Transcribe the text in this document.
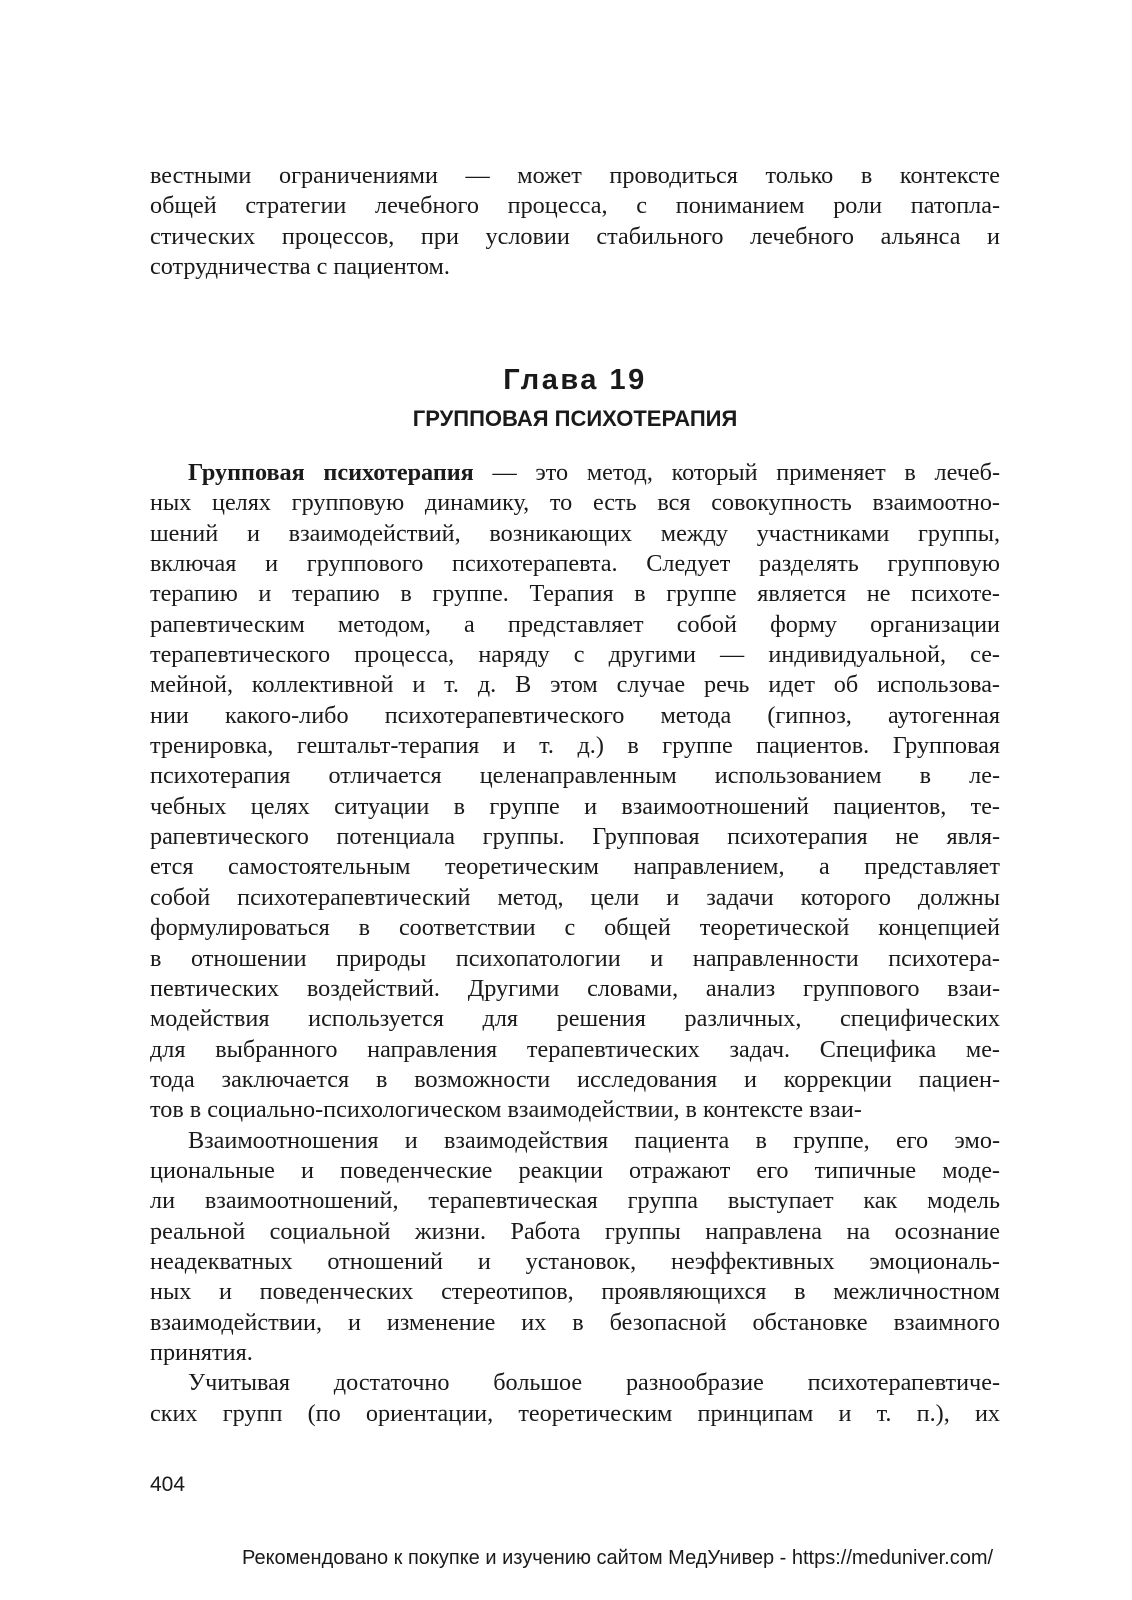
вестными ограничениями — может проводиться только в контексте
общей стратегии лечебного процесса, с пониманием роли патопла-
стических процессов, при условии стабильного лечебного альянса и
сотрудничества с пациентом.
Глава 19
ГРУППОВАЯ ПСИХОТЕРАПИЯ
Групповая психотерапия — это метод, который применяет в лечеб-
ных целях групповую динамику, то есть вся совокупность взаимоотно-
шений и взаимодействий, возникающих между участниками группы,
включая и группового психотерапевта. Следует разделять групповую
терапию и терапию в группе. Терапия в группе является не психоте-
рапевтическим методом, а представляет собой форму организации
терапевтического процесса, наряду с другими — индивидуальной, се-
мейной, коллективной и т. д. В этом случае речь идет об использова-
нии какого-либо психотерапевтического метода (гипноз, аутогенная
тренировка, гештальт-терапия и т. д.) в группе пациентов. Групповая
психотерапия отличается целенаправленным использованием в ле-
чебных целях ситуации в группе и взаимоотношений пациентов, те-
рапевтического потенциала группы. Групповая психотерапия не явля-
ется самостоятельным теоретическим направлением, а представляет
собой психотерапевтический метод, цели и задачи которого должны
формулироваться в соответствии с общей теоретической концепцией
в отношении природы психопатологии и направленности психотера-
певтических воздействий. Другими словами, анализ группового взаи-
модействия используется для решения различных, специфических
для выбранного направления терапевтических задач. Специфика ме-
тода заключается в возможности исследования и коррекции пациен-
тов в социально-психологическом взаимодействии, в контексте взаи-
Взаимоотношения и взаимодействия пациента в группе, его эмо-
циональные и поведенческие реакции отражают его типичные моде-
ли взаимоотношений, терапевтическая группа выступает как модель
реальной социальной жизни. Работа группы направлена на осознание
неадекватных отношений и установок, неэффективных эмоциональ-
ных и поведенческих стереотипов, проявляющихся в межличностном
взаимодействии, и изменение их в безопасной обстановке взаимного
принятия.
Учитывая достаточно большое разнообразие психотерапевтиче-
ских групп (по ориентации, теоретическим принципам и т. п.), их
404
Рекомендовано к покупке и изучению сайтом МедУнивер - https://meduniver.com/
